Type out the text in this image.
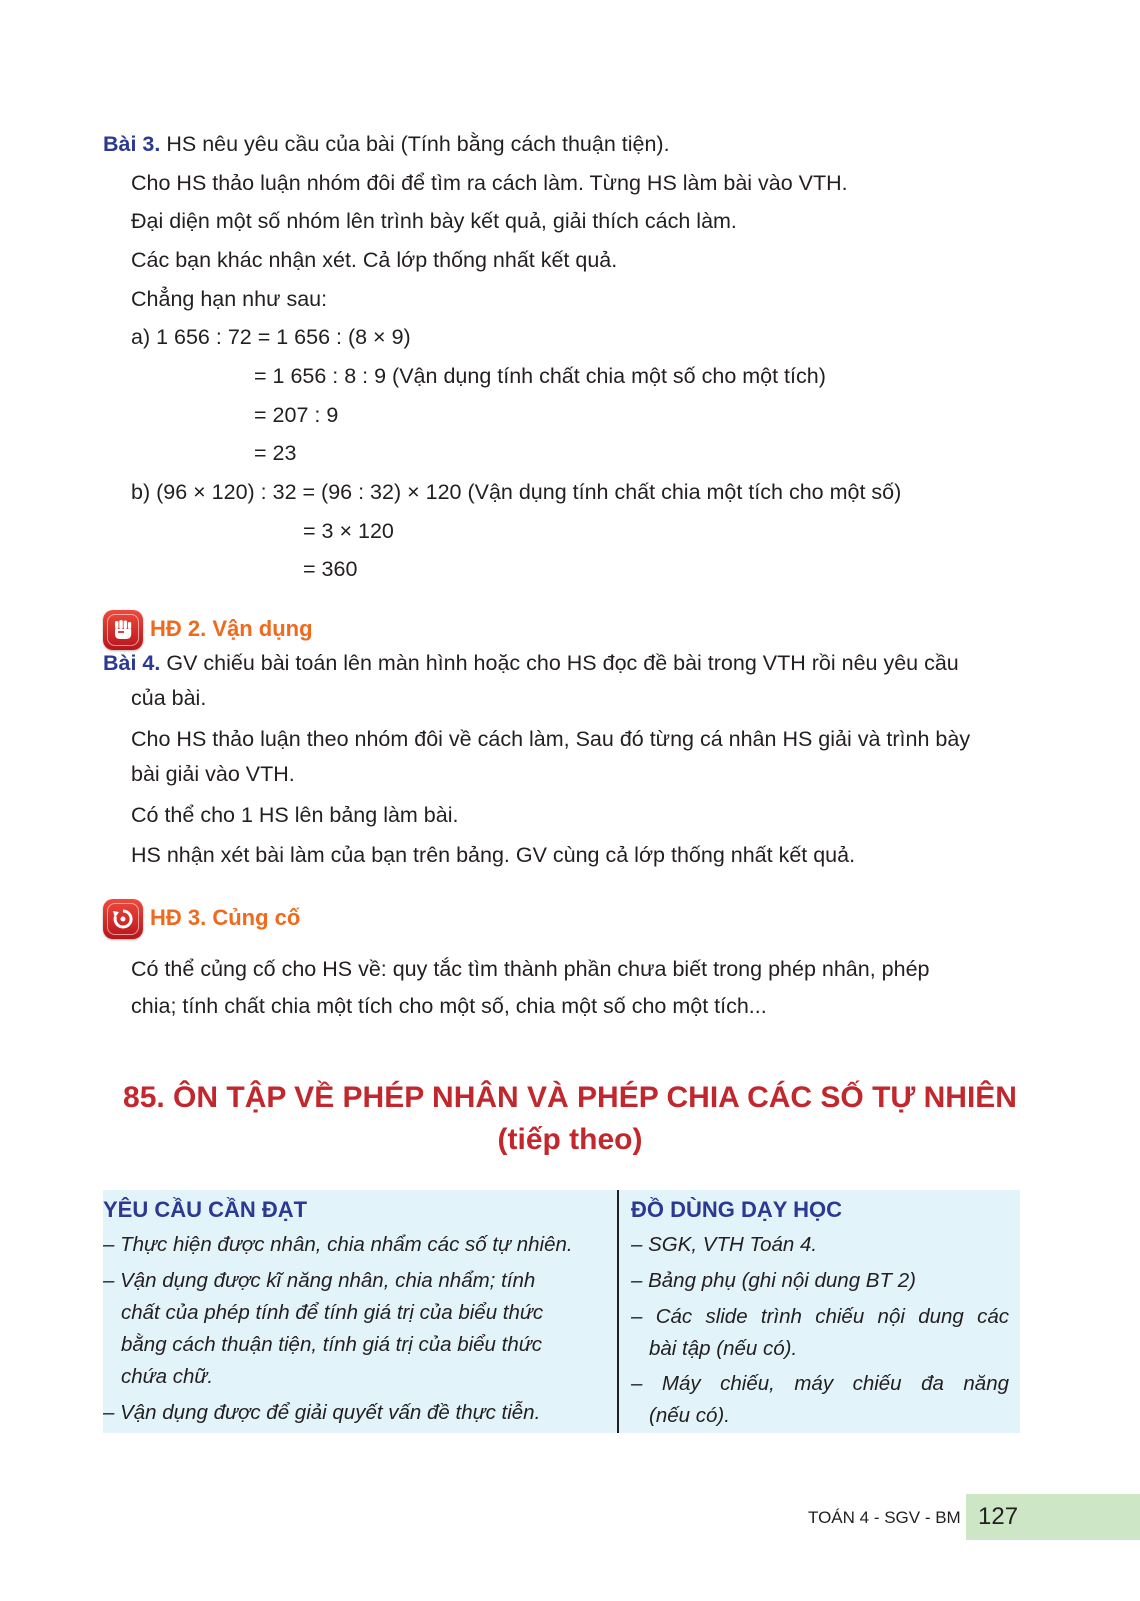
Bài 3. HS nêu yêu cầu của bài (Tính bằng cách thuận tiện).
Cho HS thảo luận nhóm đôi để tìm ra cách làm. Từng HS làm bài vào VTH.
Đại diện một số nhóm lên trình bày kết quả, giải thích cách làm.
Các bạn khác nhận xét. Cả lớp thống nhất kết quả.
Chẳng hạn như sau:
a) 1 656 : 72 = 1 656 : (8 × 9)
= 1 656 : 8 : 9 (Vận dụng tính chất chia một số cho một tích)
= 207 : 9
= 23
b) (96 × 120) : 32 = (96 : 32) × 120 (Vận dụng tính chất chia một tích cho một số)
= 3 × 120
= 360
HĐ 2. Vận dụng
Bài 4. GV chiếu bài toán lên màn hình hoặc cho HS đọc đề bài trong VTH rồi nêu yêu cầu
của bài.
Cho HS thảo luận theo nhóm đôi về cách làm, Sau đó từng cá nhân HS giải và trình bày
bài giải vào VTH.
Có thể cho 1 HS lên bảng làm bài.
HS nhận xét bài làm của bạn trên bảng. GV cùng cả lớp thống nhất kết quả.
HĐ 3. Củng cố
Có thể củng cố cho HS về: quy tắc tìm thành phần chưa biết trong phép nhân, phép
chia; tính chất chia một tích cho một số, chia một số cho một tích...
85. ÔN TẬP VỀ PHÉP NHÂN VÀ PHÉP CHIA CÁC SỐ TỰ NHIÊN
(tiếp theo)
YÊU CẦU CẦN ĐẠT
– Thực hiện được nhân, chia nhẩm các số tự nhiên.
– Vận dụng được kĩ năng nhân, chia nhẩm; tính
chất của phép tính để tính giá trị của biểu thức
bằng cách thuận tiện, tính giá trị của biểu thức
chứa chữ.
– Vận dụng được để giải quyết vấn đề thực tiễn.
ĐỒ DÙNG DẠY HỌC
– SGK, VTH Toán 4.
– Bảng phụ (ghi nội dung BT 2)
– Các slide trình chiếu nội dung các
bài tập (nếu có).
– Máy chiếu, máy chiếu đa năng
(nếu có).
TOÁN 4 - SGV - BM 127
